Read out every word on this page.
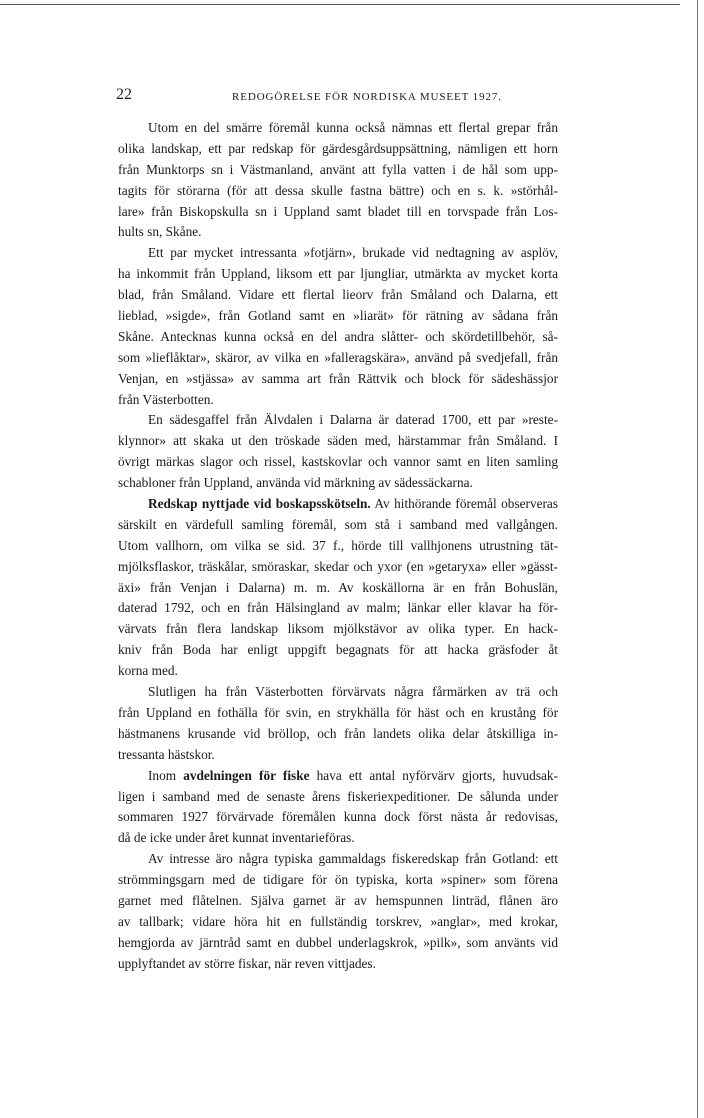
22	REDOGÖRELSE FÖR NORDISKA MUSEET 1927.
Utom en del smärre föremål kunna också nämnas ett flertal grepar från
olika landskap, ett par redskap för gärdesgårdsuppsättning, nämligen ett horn
från Munktorps sn i Västmanland, använt att fylla vatten i de hål som upp-
tagits för störarna (för att dessa skulle fastna bättre) och en s. k. »störhål-
lare» från Biskopskulla sn i Uppland samt bladet till en torvspade från Los-
hults sn, Skåne.
Ett par mycket intressanta »fotjärn», brukade vid nedtagning av asplöv,
ha inkommit från Uppland, liksom ett par ljungliar, utmärkta av mycket korta
blad, från Småland. Vidare ett flertal lieorv från Småland och Dalarna, ett
lieblad, »sigde», från Gotland samt en »liarät» för rätning av sådana från
Skåne. Antecknas kunna också en del andra slåtter- och skördetillbehör, så-
som »lieflåktar», skäror, av vilka en »falleragskära», använd på svedjefall, från
Venjan, en »stjässa» av samma art från Rättvik och block för sädeshässjor
från Västerbotten.
En sädesgaffel från Älvdalen i Dalarna är daterad 1700, ett par »reste-
klynnor» att skaka ut den tröskade säden med, härstammar från Småland. I
övrigt märkas slagor och rissel, kastskovlar och vannor samt en liten samling
schabloner från Uppland, använda vid märkning av sädessäckarna.
Redskap nyttjade vid boskapsskötseln. Av hithörande föremål observeras
särskilt en värdefull samling föremål, som stå i samband med vallgången.
Utom vallhorn, om vilka se sid. 37 f., hörde till vallhjonens utrustning tät-
mjölksflaskor, träskålar, smöraskar, skedar och yxor (en »getaryxa» eller »gässt-
äxi» från Venjan i Dalarna) m. m. Av koskällorna är en från Bohuslän,
daterad 1792, och en från Hälsingland av malm; länkar eller klavar ha för-
värvats från flera landskap liksom mjölkstävor av olika typer. En hack-
kniv från Boda har enligt uppgift begagnats för att hacka gräsfoder åt
korna med.
Slutligen ha från Västerbotten förvärvats några fårmärken av trä och
från Uppland en fothälla för svin, en strykhälla för häst och en krustång för
hästmanens krusande vid bröllop, och från landets olika delar åtskilliga in-
tressanta hästskor.
Inom avdelningen för fiske hava ett antal nyförvärv gjorts, huvudsak-
ligen i samband med de senaste årens fiskeriexpeditioner. De sålunda under
sommaren 1927 förvärvade föremålen kunna dock först nästa år redovisas,
då de icke under året kunnat inventarieföras.
Av intresse äro några typiska gammaldags fiskeredskap från Gotland: ett
strömmingsgarn med de tidigare för ön typiska, korta »spiner» som förena
garnet med flåtelnen. Själva garnet är av hemspunnen linträd, flånen äro
av tallbark; vidare höra hit en fullständig torskrev, »anglar», med krokar,
hemgjorda av järntråd samt en dubbel underlagskrok, »pilk», som använts vid
upplyftandet av större fiskar, när reven vittjades.
